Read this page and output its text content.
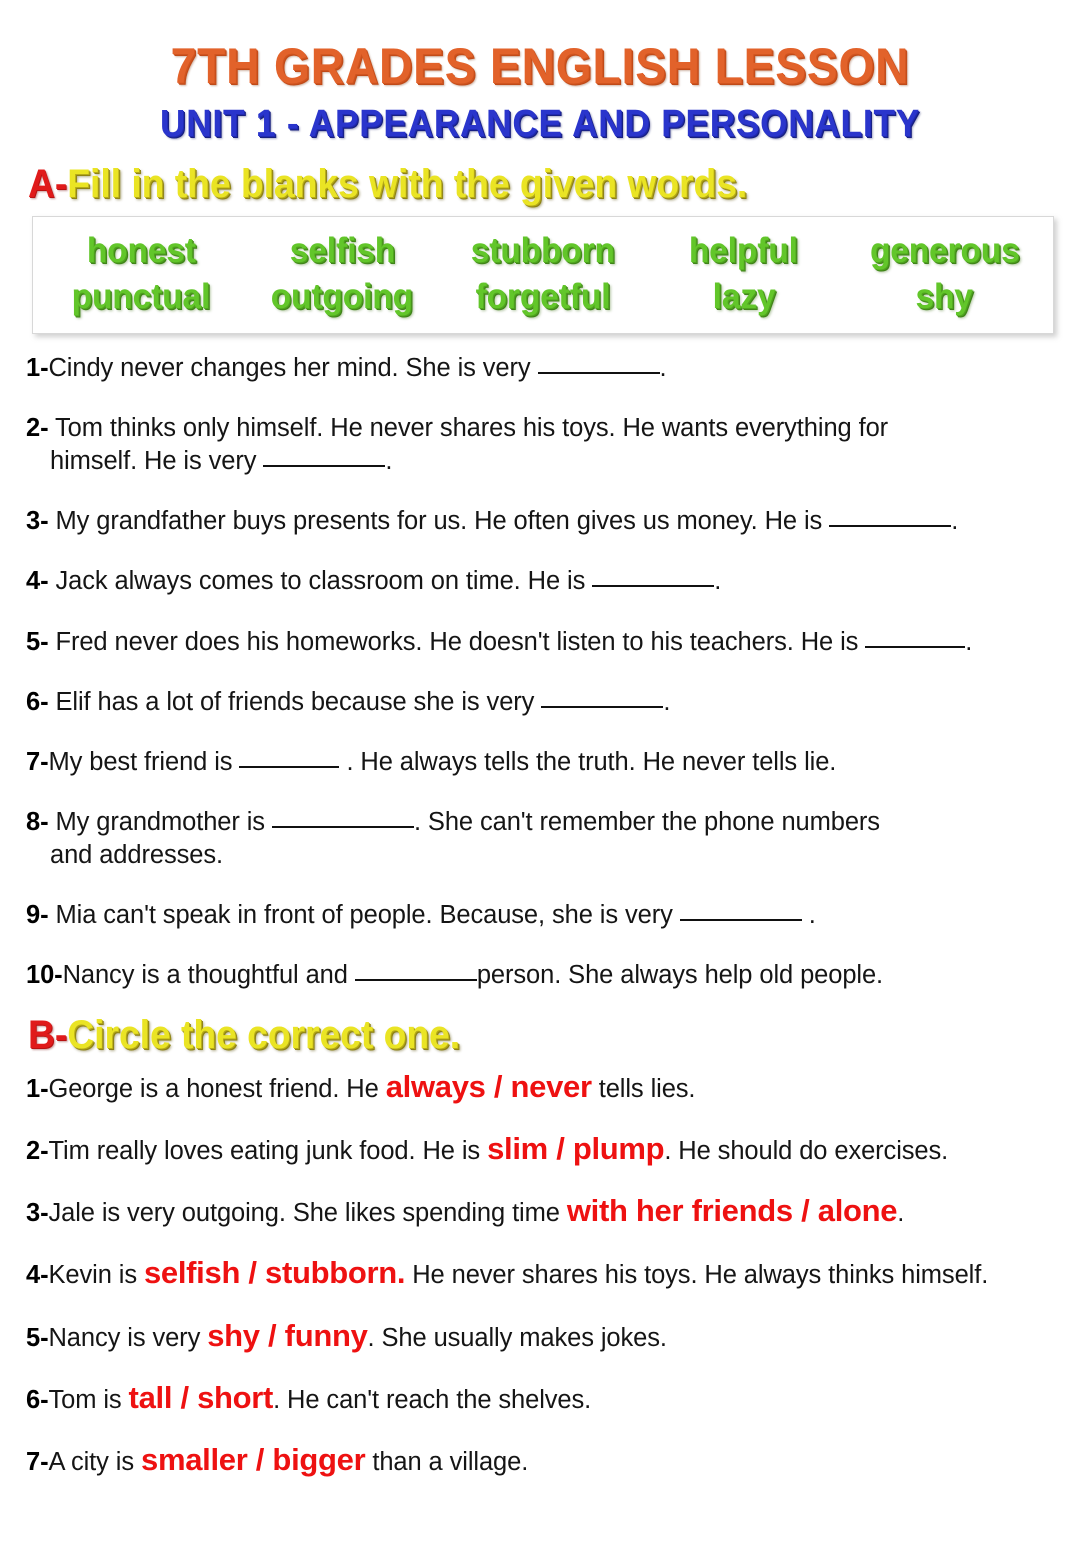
7TH GRADES ENGLISH LESSON
UNIT 1 - APPEARANCE AND PERSONALITY
A-Fill in the blanks with the given words.
honest	selfish	stubborn	helpful	generous
punctual	outgoing	forgetful	lazy	shy
1-Cindy never changes her mind. She is very	.
2- Tom thinks only himself. He never shares his toys. He wants everything for
himself. He is very	.
3- My grandfather buys presents for us. He often gives us money. He is	.
4- Jack always comes to classroom on time. He is	.
5- Fred never does his homeworks. He doesn't listen to his teachers. He is	.
6- Elif has a lot of friends because she is very	.
7-My best friend is	. He always tells the truth. He never tells lie.
8- My grandmother is	. She can't remember the phone numbers
and addresses.
9- Mia can't speak in front of people. Because, she is very	.
10-Nancy is a thoughtful and	person. She always help old people.
B-Circle the correct one.
1-George is a honest friend. He always / never tells lies.
2-Tim really loves eating junk food. He is slim / plump. He should do exercises.
3-Jale is very outgoing. She likes spending time with her friends / alone.
4-Kevin is selfish / stubborn. He never shares his toys. He always thinks himself.
5-Nancy is very shy / funny. She usually makes jokes.
6-Tom is tall / short. He can't reach the shelves.
7-A city is smaller / bigger than a village.
